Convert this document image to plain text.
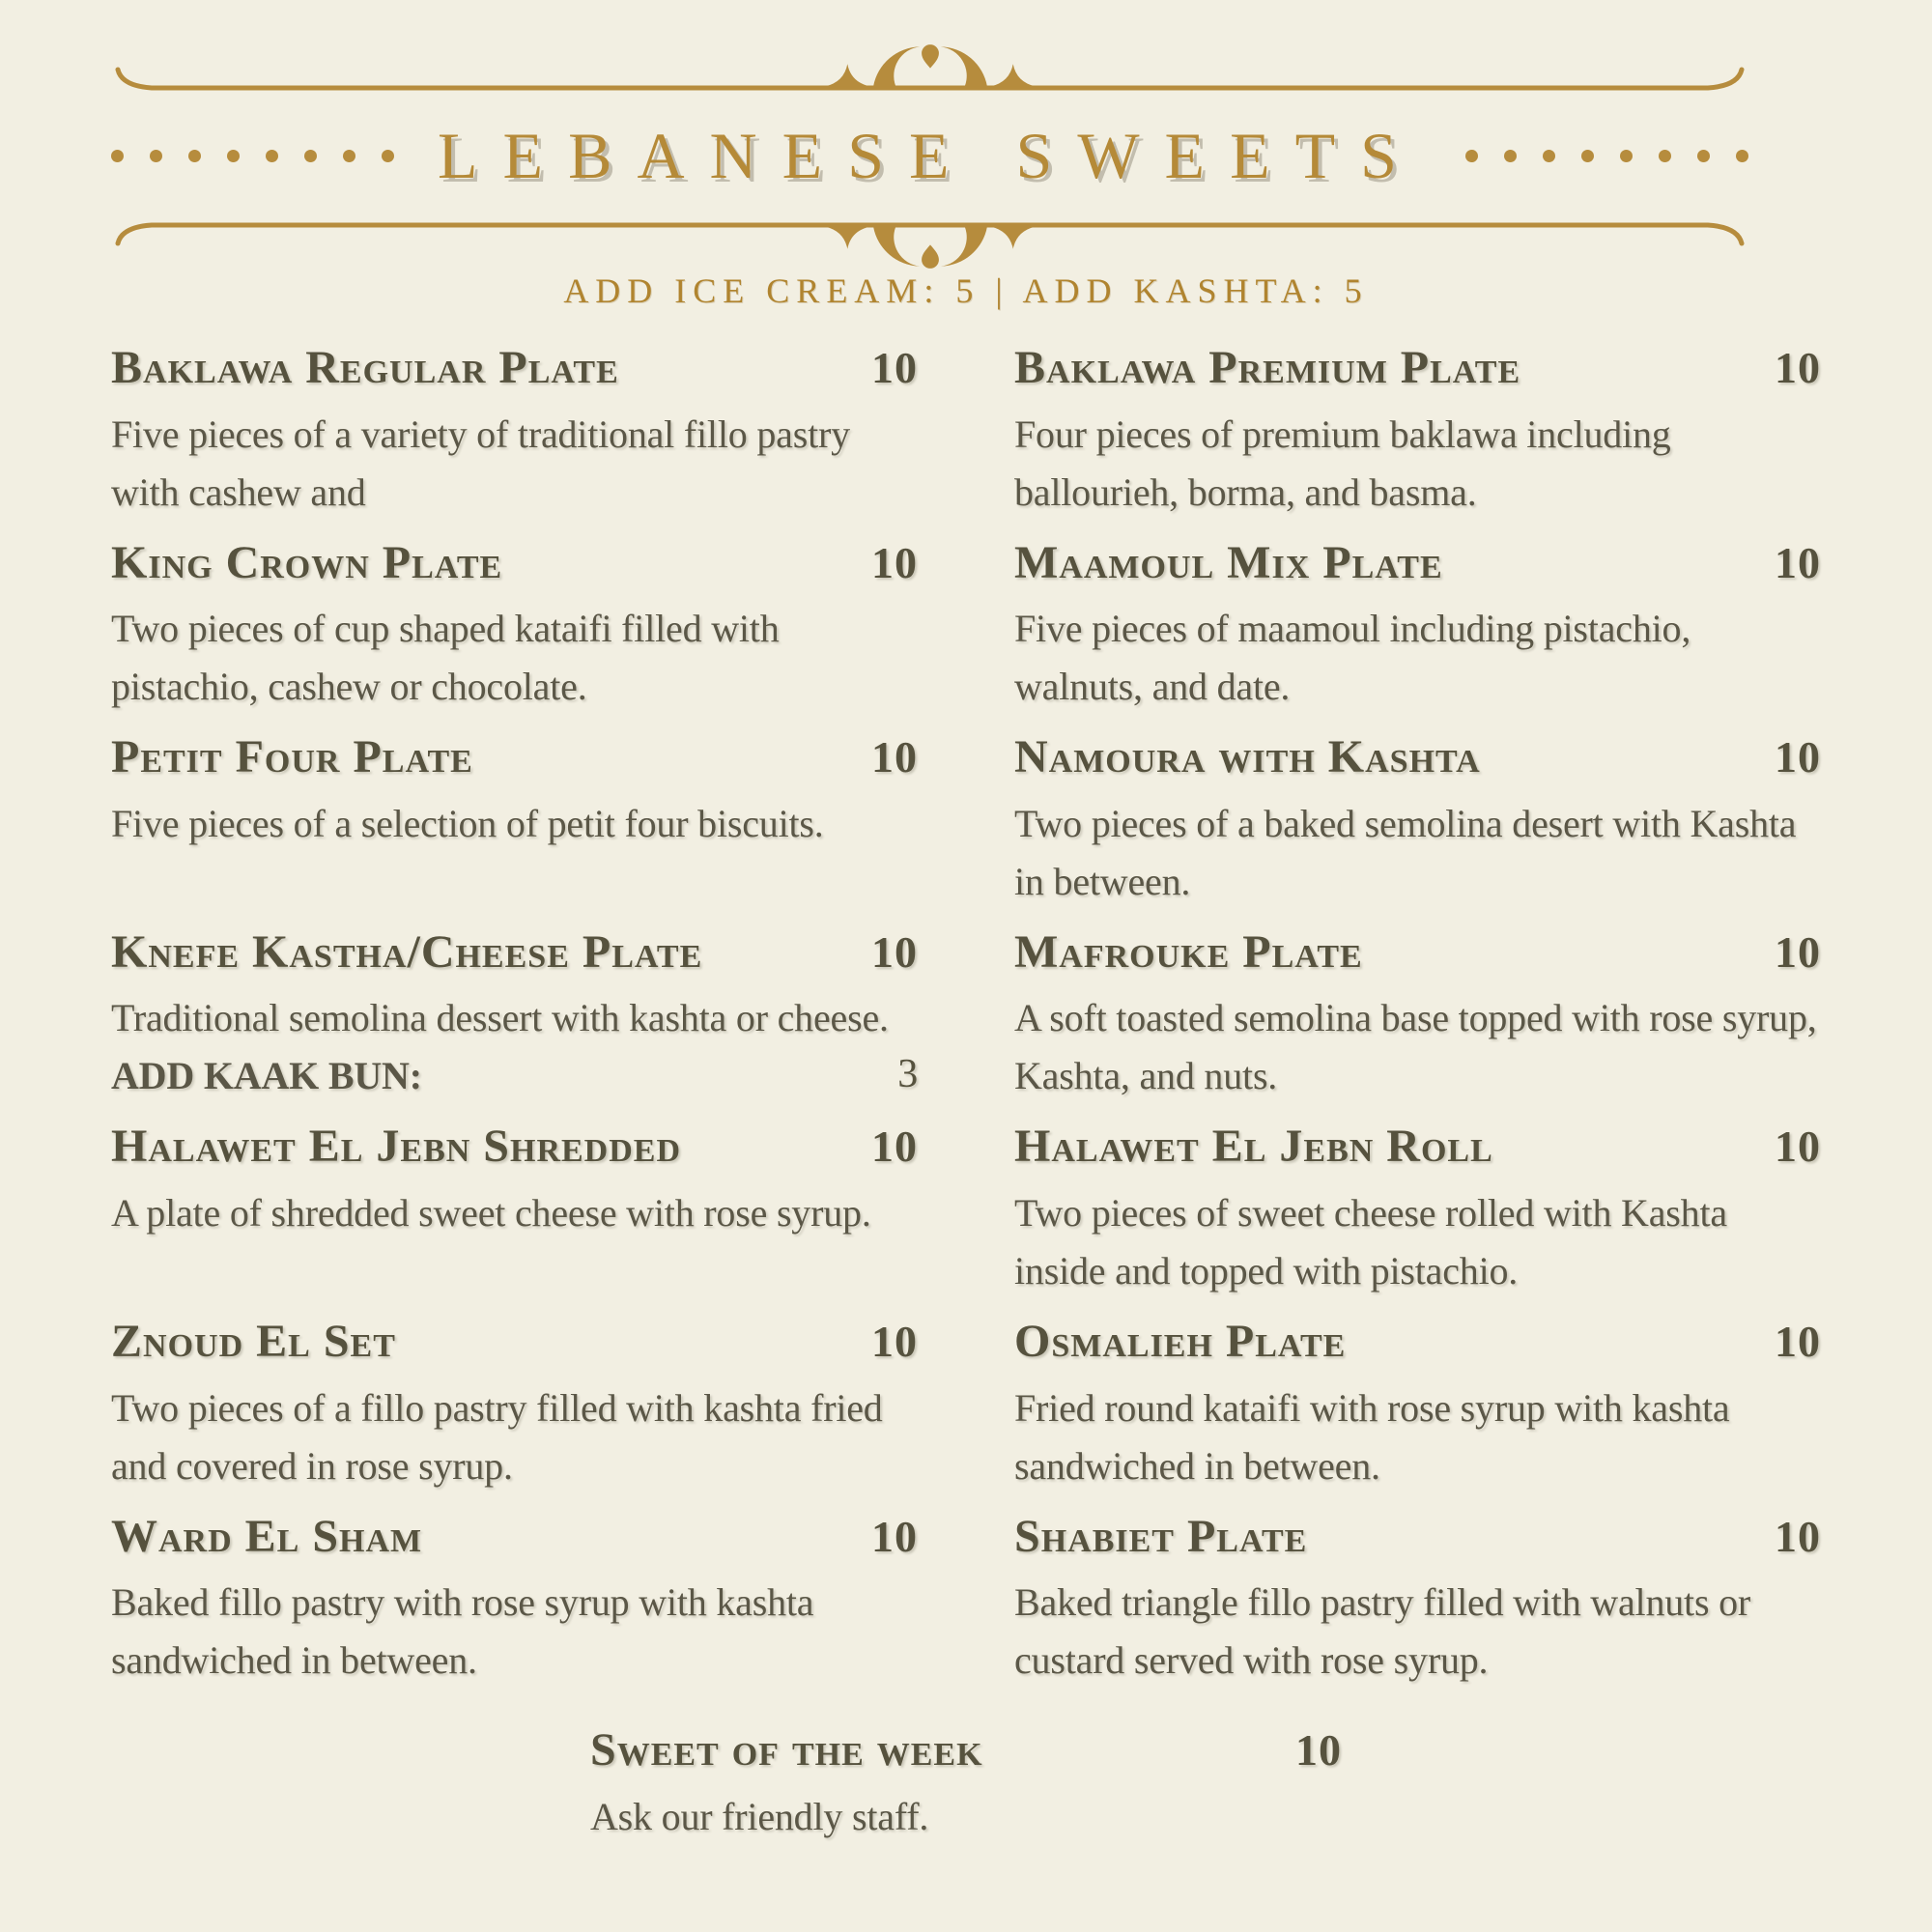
LEBANESE SWEETS
ADD ICE CREAM: 5 | ADD KASHTA: 5
Baklawa Regular Plate	10

Five pieces of a variety of traditional fillo pastry with cashew and

King Crown Plate	10

Two pieces of cup shaped kataifi filled with pistachio, cashew or chocolate.

Petit Four Plate	10

Five pieces of a selection of petit four biscuits.

Knefe Kastha/Cheese Plate	10

Traditional semolina dessert with kashta or cheese. ADD KAAK BUN:	3

Halawet El Jebn Shredded	10

A plate of shredded sweet cheese with rose syrup.

Znoud El Set	10

Two pieces of a fillo pastry filled with kashta fried and covered in rose syrup.

Ward El Sham	10

Baked fillo pastry with rose syrup with kashta sandwiched in between.

Baklawa Premium Plate	10

Four pieces of premium baklawa including ballourieh, borma, and basma.

Maamoul Mix Plate	10

Five pieces of maamoul including pistachio, walnuts, and date.

Namoura with Kashta	10

Two pieces of a baked semolina desert with Kashta in between.

Mafrouke Plate	10

A soft toasted semolina base topped with rose syrup, Kashta, and nuts.

Halawet El Jebn Roll	10

Two pieces of sweet cheese rolled with Kashta inside and topped with pistachio.

Osmalieh Plate	10

Fried round kataifi with rose syrup with kashta sandwiched in between.

Shabiet Plate	10

Baked triangle fillo pastry filled with walnuts or custard served with rose syrup.

Sweet of the week	10

Ask our friendly staff.
